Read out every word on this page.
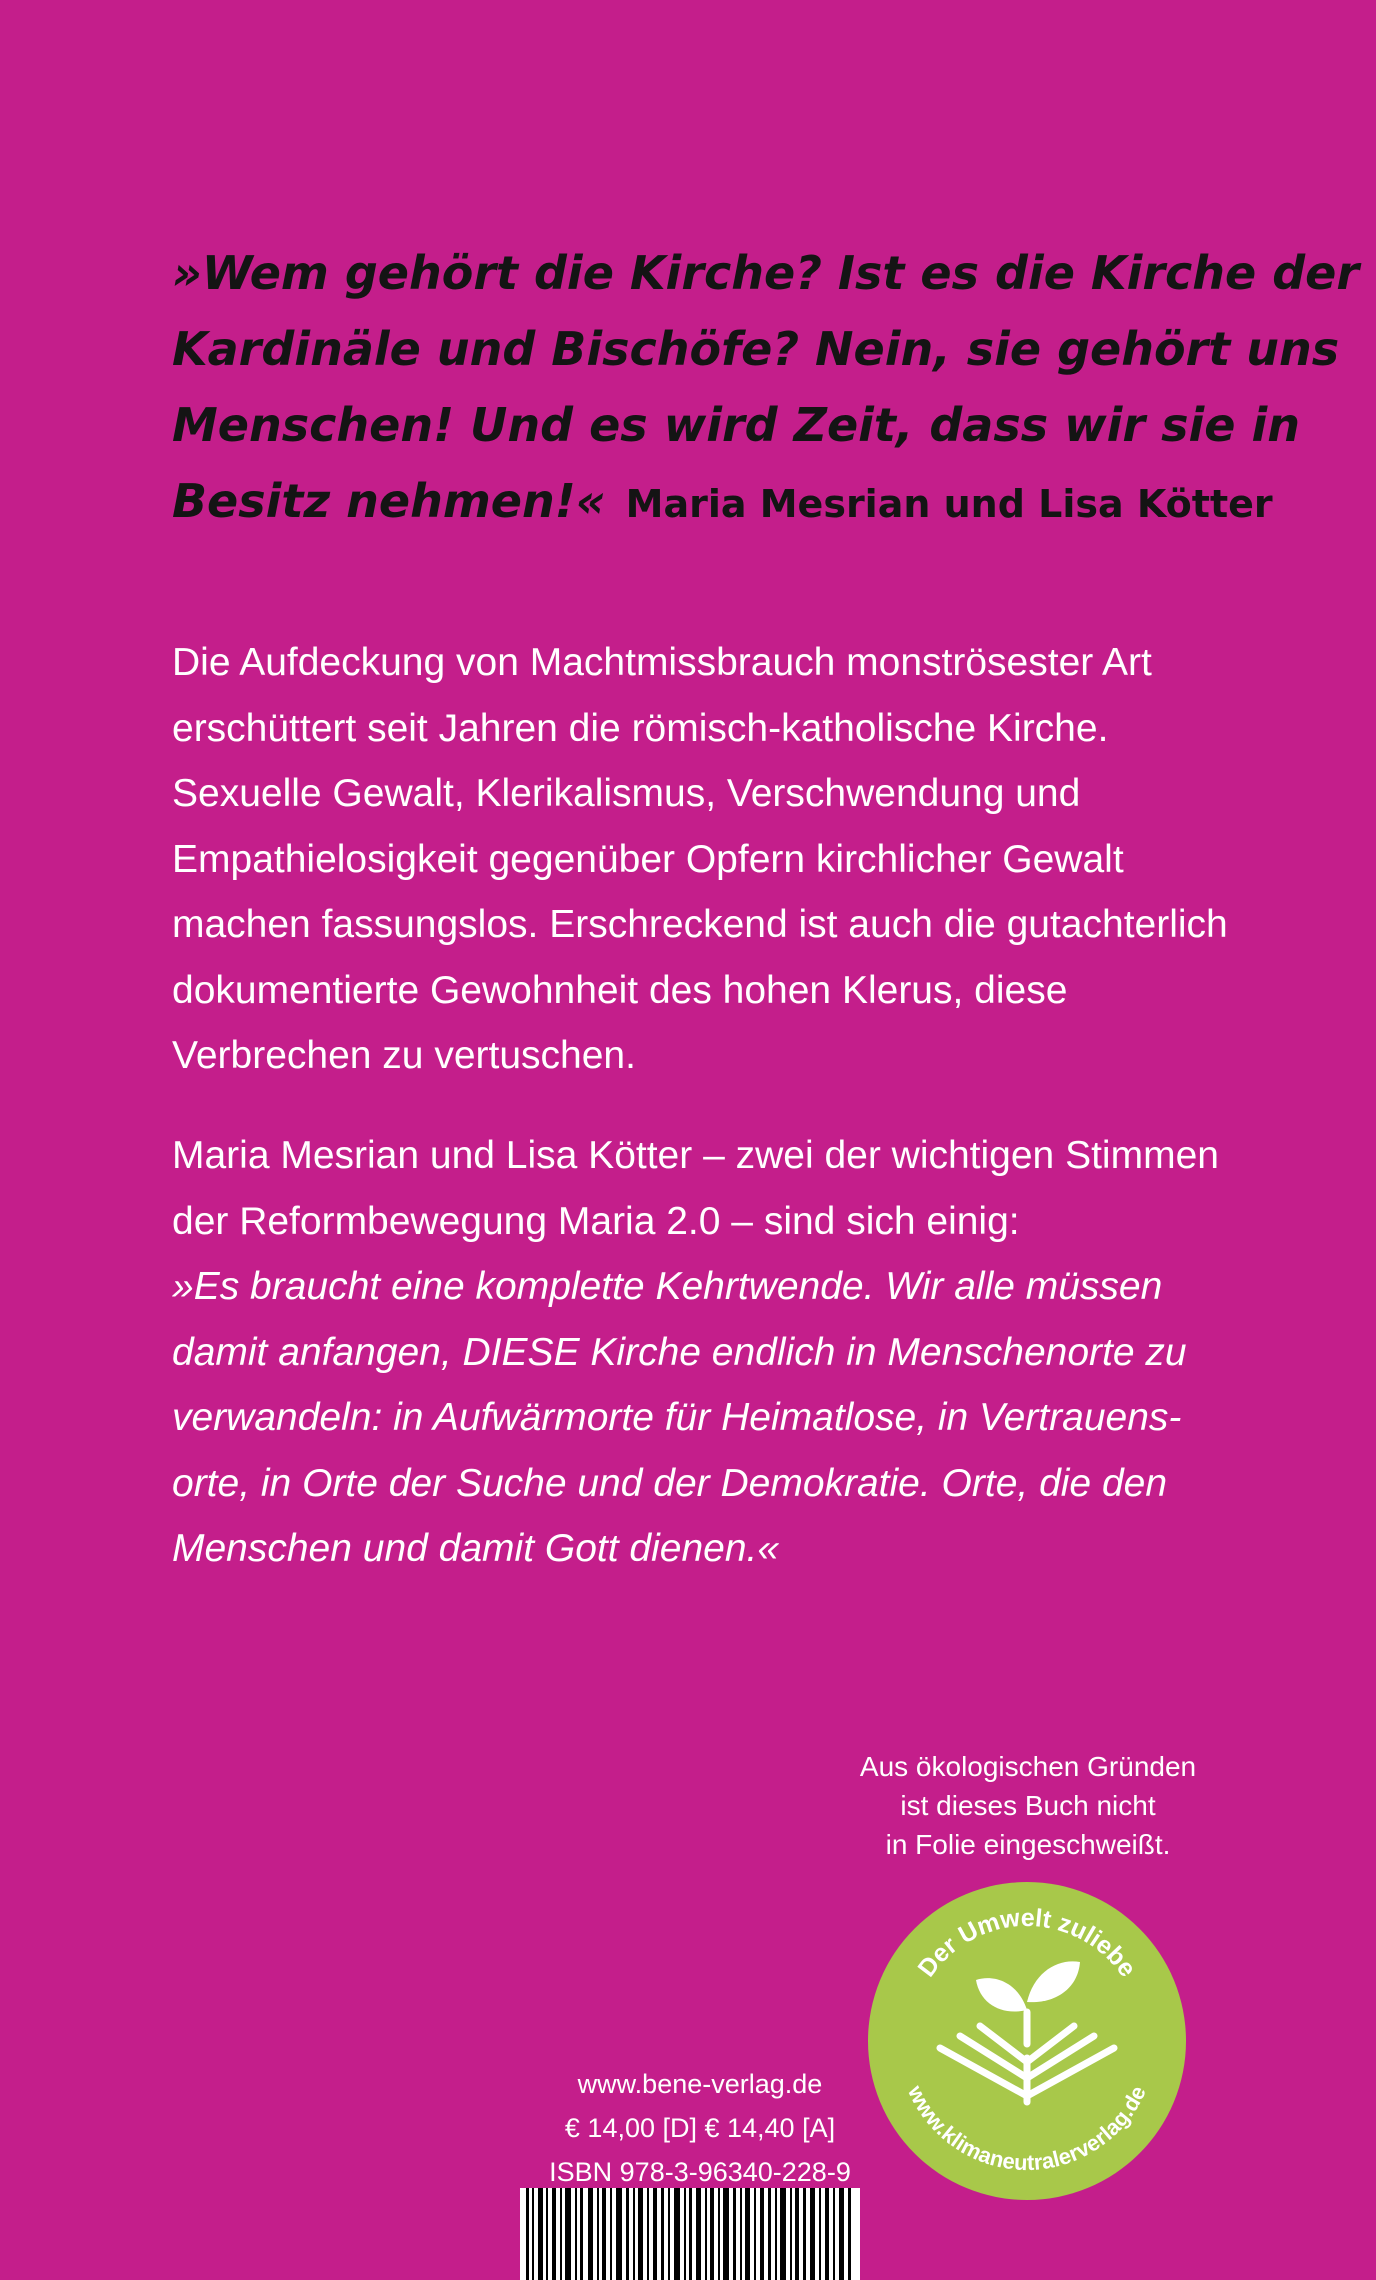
»Wem gehört die Kirche? Ist es die Kirche der
Kardinäle und Bischöfe? Nein, sie gehört uns
Menschen! Und es wird Zeit, dass wir sie in
Besitz nehmen!« Maria Mesrian und Lisa Kötter
Die Aufdeckung von Machtmissbrauch monströsester Art
erschüttert seit Jahren die römisch-katholische Kirche.
Sexuelle Gewalt, Klerikalismus, Verschwendung und
Empathielosigkeit gegenüber Opfern kirchlicher Gewalt
machen fassungslos. Erschreckend ist auch die gutachterlich
dokumentierte Gewohnheit des hohen Klerus, diese
Verbrechen zu vertuschen.
Maria Mesrian und Lisa Kötter – zwei der wichtigen Stimmen
der Reformbewegung Maria 2.0 – sind sich einig:
»Es braucht eine komplette Kehrtwende. Wir alle müssen
damit anfangen, DIESE Kirche endlich in Menschenorte zu
verwandeln: in Aufwärmorte für Heimatlose, in Vertrauens-
orte, in Orte der Suche und der Demokratie. Orte, die den
Menschen und damit Gott dienen.«
Aus ökologischen Gründen
ist dieses Buch nicht
in Folie eingeschweißt.
Der Umwelt zuliebe
www.klimaneutralerverlag.de
www.bene-verlag.de
€ 14,00 [D] € 14,40 [A]
ISBN 978-3-96340-228-9
